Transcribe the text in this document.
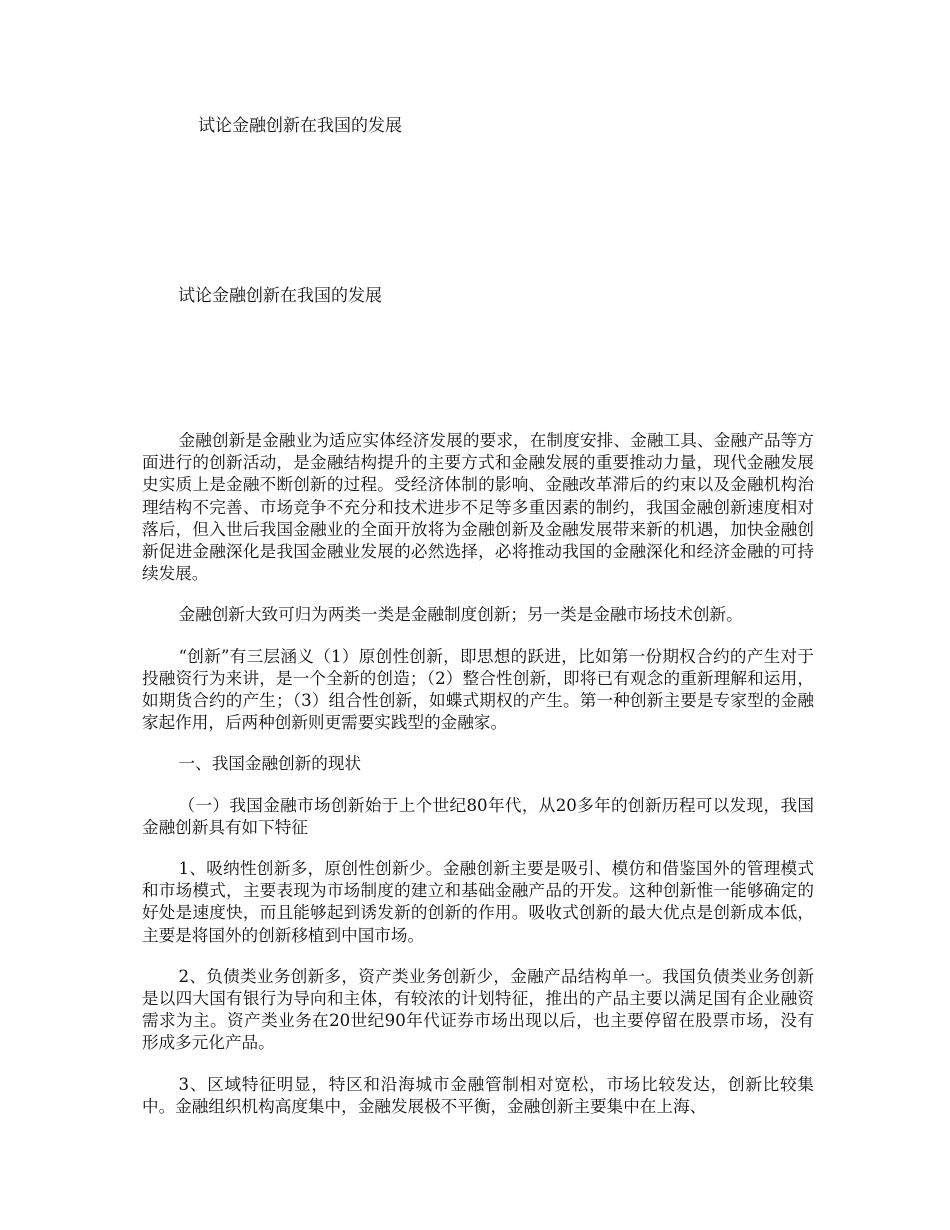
试论金融创新在我国的发展
试论金融创新在我国的发展

金融创新是金融业为适应实体经济发展的要求，在制度安排、金融工具、金融产品等方面进行的创新活动，是金融结构提升的主要方式和金融发展的重要推动力量，现代金融发展史实质上是金融不断创新的过程。受经济体制的影响、金融改革滞后的约束以及金融机构治理结构不完善、市场竞争不充分和技术进步不足等多重因素的制约，我国金融创新速度相对落后，但入世后我国金融业的全面开放将为金融创新及金融发展带来新的机遇，加快金融创新促进金融深化是我国金融业发展的必然选择，必将推动我国的金融深化和经济金融的可持续发展。

金融创新大致可归为两类一类是金融制度创新；另一类是金融市场技术创新。

“创新”有三层涵义（1）原创性创新，即思想的跃进，比如第一份期权合约的产生对于投融资行为来讲，是一个全新的创造；（2）整合性创新，即将已有观念的重新理解和运用，如期货合约的产生；（3）组合性创新，如蝶式期权的产生。第一种创新主要是专家型的金融家起作用，后两种创新则更需要实践型的金融家。

一、我国金融创新的现状

（一）我国金融市场创新始于上个世纪80年代，从20多年的创新历程可以发现，我国金融创新具有如下特征

1、吸纳性创新多，原创性创新少。金融创新主要是吸引、模仿和借鉴国外的管理模式和市场模式，主要表现为市场制度的建立和基础金融产品的开发。这种创新惟一能够确定的好处是速度快，而且能够起到诱发新的创新的作用。吸收式创新的最大优点是创新成本低，主要是将国外的创新移植到中国市场。

2、负债类业务创新多，资产类业务创新少，金融产品结构单一。我国负债类业务创新是以四大国有银行为导向和主体，有较浓的计划特征，推出的产品主要以满足国有企业融资需求为主。资产类业务在20世纪90年代证券市场出现以后，也主要停留在股票市场，没有形成多元化产品。

3、区域特征明显，特区和沿海城市金融管制相对宽松，市场比较发达，创新比较集中。金融组织机构高度集中，金融发展极不平衡，金融创新主要集中在上海、
